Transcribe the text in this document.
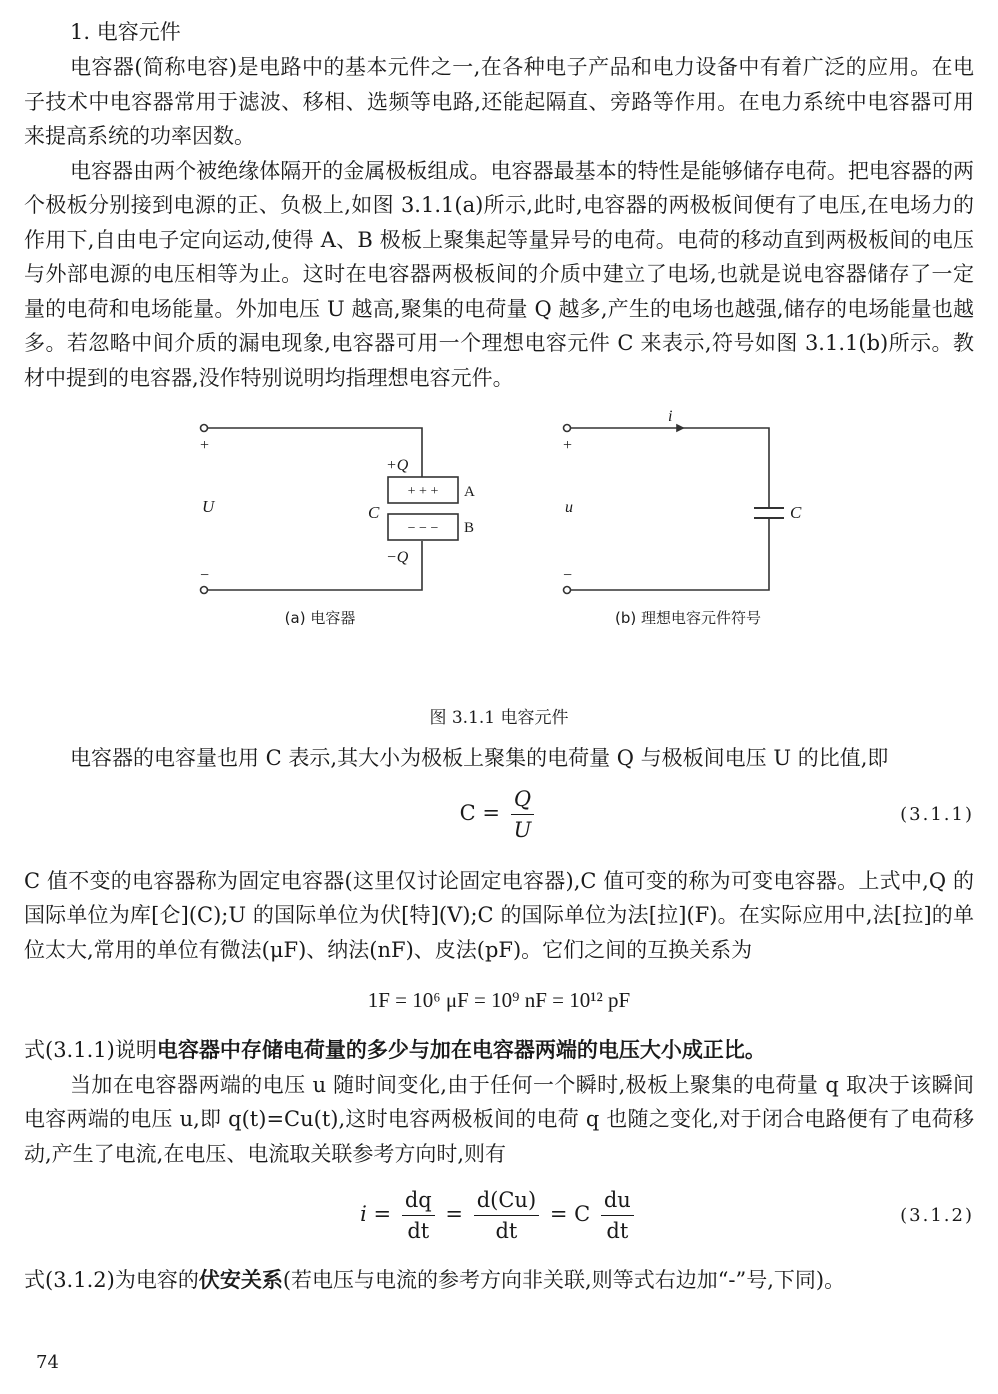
1. 电容元件

电容器(简称电容)是电路中的基本元件之一,在各种电子产品和电力设备中有着广泛的应用。在电子技术中电容器常用于滤波、移相、选频等电路,还能起隔直、旁路等作用。在电力系统中电容器可用来提高系统的功率因数。

电容器由两个被绝缘体隔开的金属极板组成。电容器最基本的特性是能够储存电荷。把电容器的两个极板分别接到电源的正、负极上,如图 3.1.1(a)所示,此时,电容器的两极板间便有了电压,在电场力的作用下,自由电子定向运动,使得 A、B 极板上聚集起等量异号的电荷。电荷的移动直到两极板间的电压与外部电源的电压相等为止。这时在电容器两极板间的介质中建立了电场,也就是说电容器储存了一定量的电荷和电场能量。外加电压 U 越高,聚集的电荷量 Q 越多,产生的电场也越强,储存的电场能量也越多。若忽略中间介质的漏电现象,电容器可用一个理想电容元件 C 来表示,符号如图 3.1.1(b)所示。教材中提到的电容器,没作特别说明均指理想电容元件。

+
−
U
+Q
−Q
C
+ + +
− − −
A
B
(a) 电容器
+
−
u
i
C
(b) 理想电容元件符号
图 3.1.1 电容元件

电容器的电容量也用 C 表示,其大小为极板上聚集的电荷量 Q 与极板间电压 U 的比值,即

$C = \frac{Q}{U}$	(3.1.1)

C 值不变的电容器称为固定电容器(这里仅讨论固定电容器),C 值可变的称为可变电容器。上式中,Q 的国际单位为库[仑](C);U 的国际单位为伏[特](V);C 的国际单位为法[拉](F)。在实际应用中,法[拉]的单位太大,常用的单位有微法(μF)、纳法(nF)、皮法(pF)。它们之间的互换关系为

1F = 10⁶ μF = 10⁹ nF = 10¹² pF

式(3.1.1)说明电容器中存储电荷量的多少与加在电容器两端的电压大小成正比。

当加在电容器两端的电压 u 随时间变化,由于任何一个瞬时,极板上聚集的电荷量 q 取决于该瞬间电容两端的电压 u,即 q(t)=Cu(t),这时电容两极板间的电荷 q 也随之变化,对于闭合电路便有了电荷移动,产生了电流,在电压、电流取关联参考方向时,则有

$i = \frac{dq}{dt} = \frac{d(Cu)}{dt} = C \frac{du}{dt}$	(3.1.2)

式(3.1.2)为电容的伏安关系(若电压与电流的参考方向非关联,则等式右边加“-”号,下同)。

74
